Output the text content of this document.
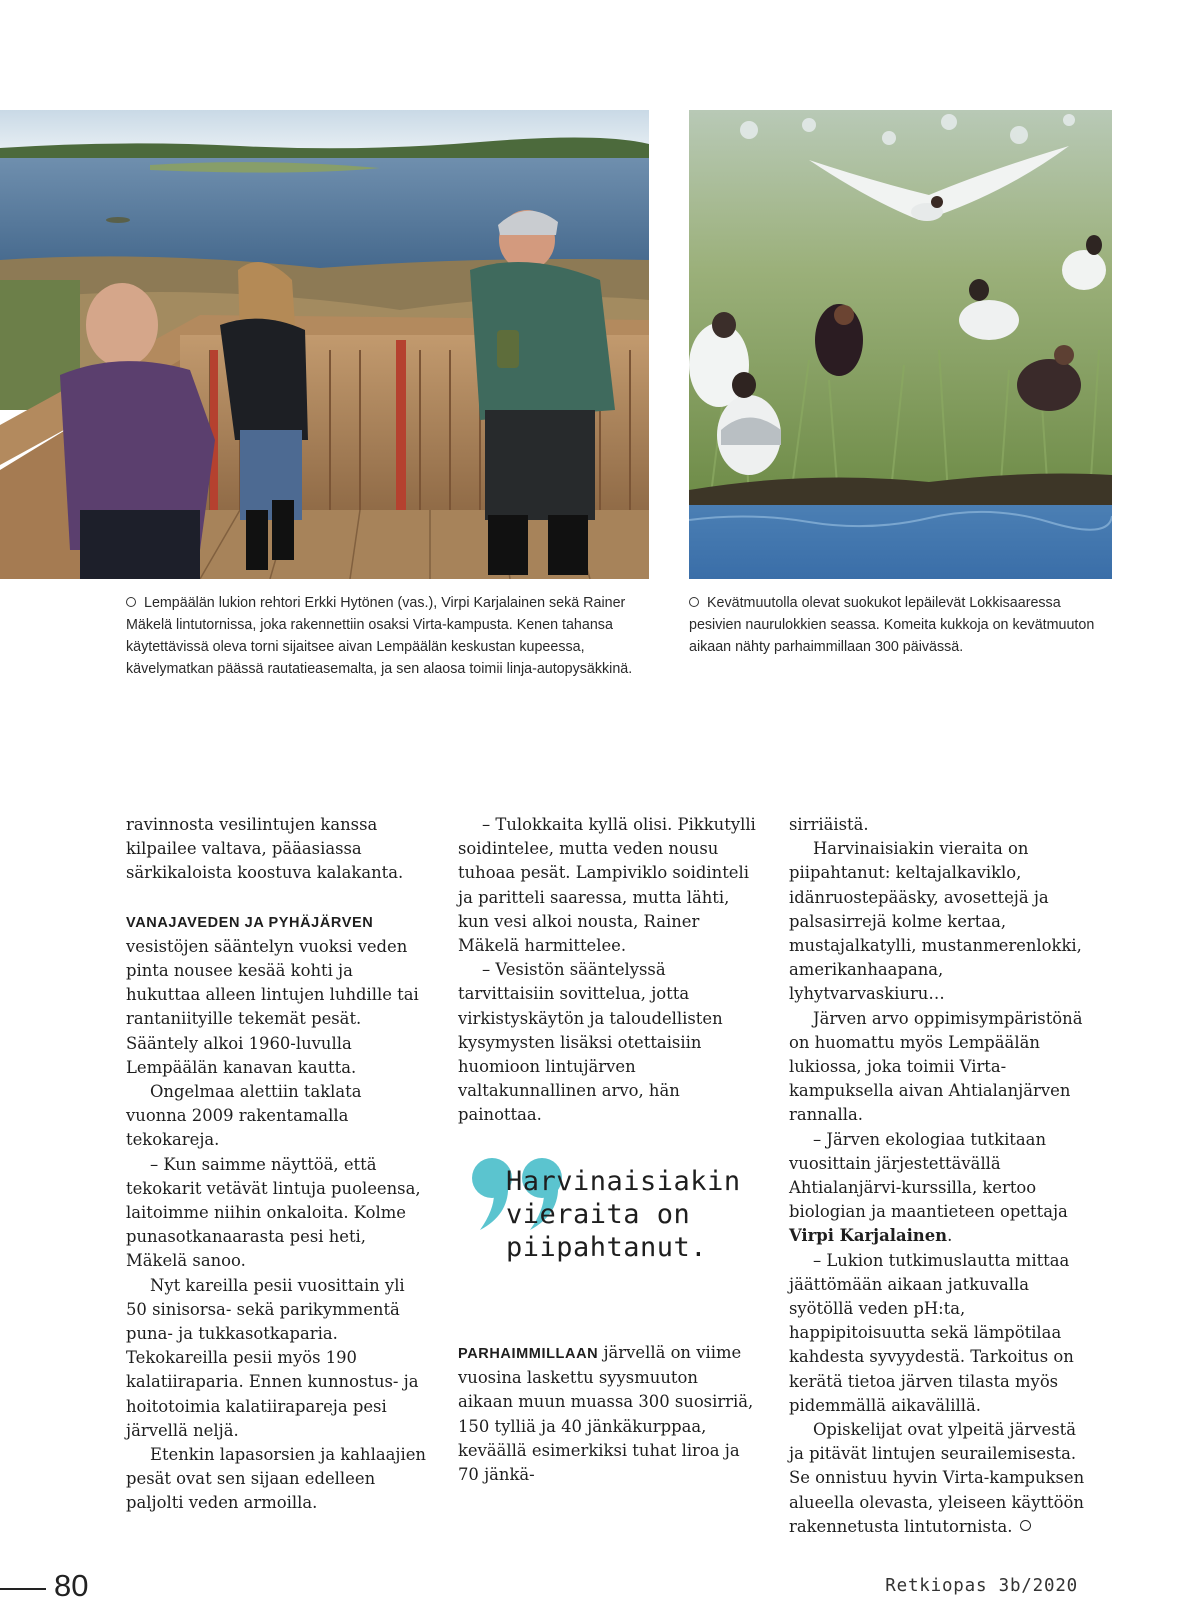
Lempäälän lukion rehtori Erkki Hytönen (vas.), Virpi Karjalainen sekä Rainer Mäkelä lintutornissa, joka rakennettiin osaksi Virta-kampusta. Kenen tahansa käytettävissä oleva torni sijaitsee aivan Lempäälän keskustan kupeessa, kävelymatkan päässä rautatieasemalta, ja sen alaosa toimii linja-autopysäkkinä.
Kevätmuutolla olevat suokukot lepäilevät Lokkisaaressa pesivien naurulokkien seassa. Komeita kukkoja on kevätmuuton aikaan nähty parhaimmillaan 300 päivässä.

ravinnosta vesilintujen kanssa kilpailee valtava, pääasiassa särkikaloista koostuva kalakanta.

VANAJAVEDEN JA PYHÄJÄRVEN
vesistöjen sääntelyn vuoksi veden pinta nousee kesää kohti ja hukuttaa alleen lintujen luhdille tai rantaniityille tekemät pesät. Sääntely alkoi 1960-luvulla Lempäälän kanavan kautta.

Ongelmaa alettiin taklata vuonna 2009 rakentamalla tekokareja.

– Kun saimme näyttöä, että tekokarit vetävät lintuja puoleensa, laitoimme niihin onkaloita. Kolme punasotkanaarasta pesi heti, Mäkelä sanoo.

Nyt kareilla pesii vuosittain yli 50 sinisorsa- sekä parikymmentä puna- ja tukkasotkaparia. Tekokareilla pesii myös 190 kalatiiraparia. Ennen kunnostus- ja hoitotoimia kalatiirapareja pesi järvellä neljä.

Etenkin lapasorsien ja kahlaajien pesät ovat sen sijaan edelleen paljolti veden armoilla.

– Tulokkaita kyllä olisi. Pikkutylli soidintelee, mutta veden nousu tuhoaa pesät. Lampiviklo soidinteli ja paritteli saaressa, mutta lähti, kun vesi alkoi nousta, Rainer Mäkelä harmittelee.

– Vesistön sääntelyssä tarvittaisiin sovittelua, jotta virkistyskäytön ja taloudellisten kysymysten lisäksi otettaisiin huomioon lintujärven valtakunnallinen arvo, hän painottaa.

Harvinaisiakin vieraita on piipahtanut.

PARHAIMMILLAAN järvellä on viime vuosina laskettu syysmuuton aikaan muun muassa 300 suosirriä, 150 tylliä ja 40 jänkäkurppaa, keväällä esimerkiksi tuhat liroa ja 70 jänkä-

sirriäistä.

Harvinaisiakin vieraita on piipahtanut: keltajalkaviklo, idänruostepääsky, avosettejä ja palsasirrejä kolme kertaa, mustajalkatylli, mustanmerenlokki, amerikanhaapana, lyhytvarvaskiuru…

Järven arvo oppimisympäristönä on huomattu myös Lempäälän lukiossa, joka toimii Virta-kampuksella aivan Ahtialanjärven rannalla.

– Järven ekologiaa tutkitaan vuosittain järjestettävällä Ahtialanjärvi-kurssilla, kertoo biologian ja maantieteen opettaja Virpi Karjalainen.

– Lukion tutkimuslautta mittaa jäättömään aikaan jatkuvalla syötöllä veden pH:ta, happipitoisuutta sekä lämpötilaa kahdesta syvyydestä. Tarkoitus on kerätä tietoa järven tilasta myös pidemmällä aikavälillä.

Opiskelijat ovat ylpeitä järvestä ja pitävät lintujen seurailemisesta. Se onnistuu hyvin Virta-kampuksen alueella olevasta, yleiseen käyttöön rakennetusta lintutornista.

80	Retkiopas 3b/2020
